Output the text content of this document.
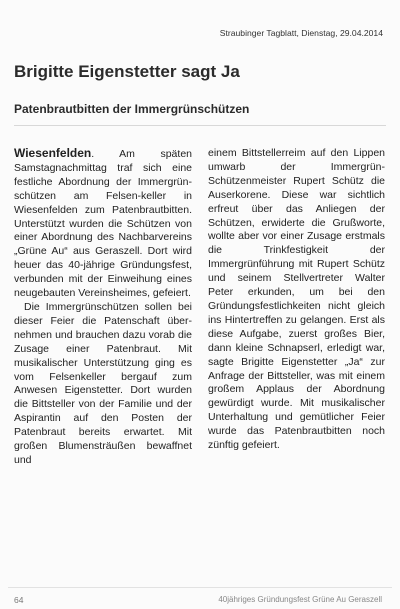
Straubinger Tagblatt, Dienstag, 29.04.2014
Brigitte Eigenstetter sagt Ja
Patenbrautbitten der Immergrünschützen

Wiesenfelden. Am späten Samstagnachmittag traf sich eine festliche Abordnung der Immergrün-schützen am Felsen-keller in Wiesenfelden zum Patenbrautbitten. Unterstützt wurden die Schützen von einer Abordnung des Nachbarvereins „Grüne Au“ aus Geraszell. Dort wird heuer das 40-jährige Gründungsfest, verbunden mit der Einweihung eines neugebauten Vereinsheimes, gefeiert.

Die Immergrünschützen sollen bei dieser Feier die Patenschaft über-nehmen und brauchen dazu vorab die Zusage einer Patenbraut. Mit musikalischer Unterstützung ging es vom Felsenkeller bergauf zum Anwesen Eigenstetter. Dort wurden die Bittsteller von der Familie und der Aspirantin auf den Posten der Patenbraut bereits erwartet. Mit großen Blumensträußen bewaffnet und

einem Bittstellerreim auf den Lippen umwarb der Immergrün-Schützenmeister Rupert Schütz die Auserkorene. Diese war sichtlich erfreut über das Anliegen der Schützen, erwiderte die Grußworte, wollte aber vor einer Zusage erstmals die Trinkfestigkeit der Immergrünführung mit Rupert Schütz und seinem Stellvertreter Walter Peter erkunden, um bei den Gründungsfestlichkeiten nicht gleich ins Hintertreffen zu gelangen. Erst als diese Aufgabe, zuerst großes Bier, dann kleine Schnapserl, erledigt war, sagte Brigitte Eigenstetter „Ja“ zur Anfrage der Bittsteller, was mit einem großem Applaus der Abordnung gewürdigt wurde. Mit musikalischer Unterhaltung und gemütlicher Feier wurde das Patenbrautbitten noch zünftig gefeiert.

64	40jähriges Gründungsfest Grüne Au Geraszell
